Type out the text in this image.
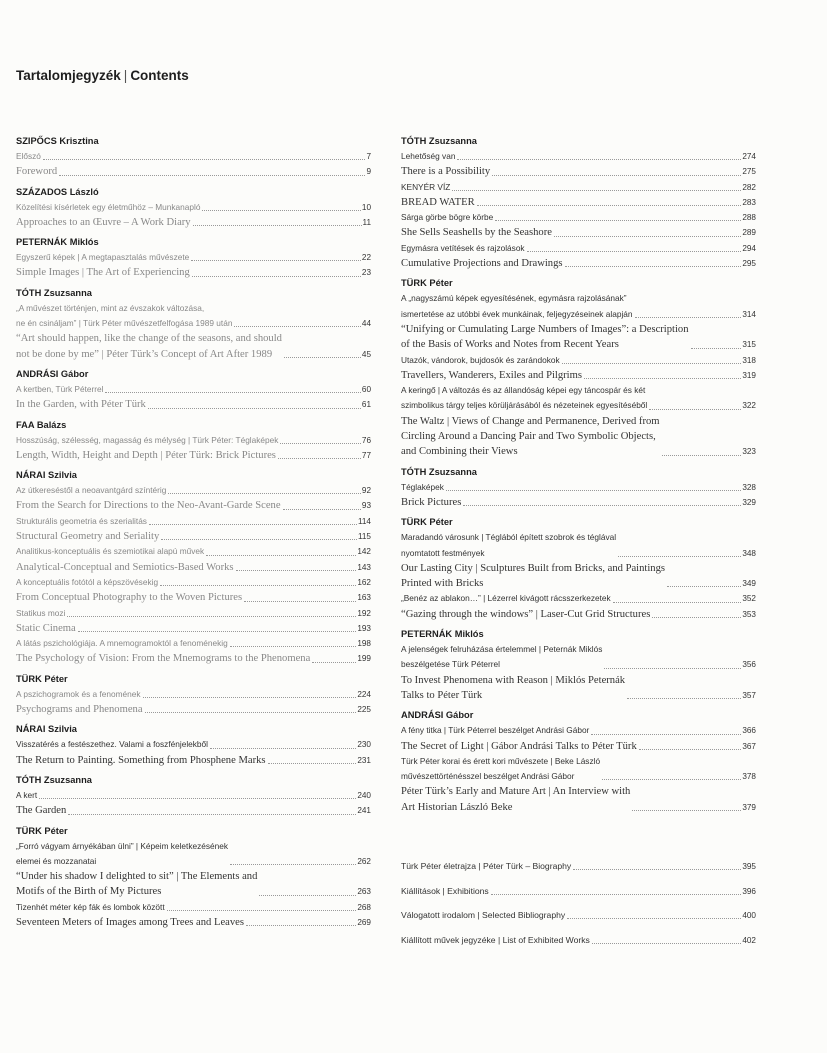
Tartalomjegyzék | Contents
SZIPŐCS Krisztina
Előszó	7
Foreword	9
SZÁZADOS László
Közelítési kísérletek egy életműhöz – Munkanapló	10
Approaches to an Œuvre – A Work Diary	11
PETERNÁK Miklós
Egyszerű képek | A megtapasztalás művészete	22
Simple Images | The Art of Experiencing	23
TÓTH Zsuzsanna
„A művészet történjen, mint az évszakok változása,
ne én csináljam” | Türk Péter művészetfelfogása 1989 után	44
“Art should happen, like the change of the seasons, and should
not be done by me” | Péter Türk’s Concept of Art After 1989	45
ANDRÁSI Gábor
A kertben, Türk Péterrel	60
In the Garden, with Péter Türk	61
FAA Balázs
Hosszúság, szélesség, magasság és mélység | Türk Péter: Téglaképek	76
Length, Width, Height and Depth | Péter Türk: Brick Pictures	77
NÁRAI Szilvia
Az útkereséstől a neoavantgárd színtérig	92
From the Search for Directions to the Neo-Avant-Garde Scene	93
Strukturális geometria és szerialitás	114
Structural Geometry and Seriality	115
Analitikus-konceptuális és szemiotikai alapú művek	142
Analytical-Conceptual and Semiotics-Based Works	143
A konceptuális fotótól a képszövésekig	162
From Conceptual Photography to the Woven Pictures	163
Statikus mozi	192
Static Cinema	193
A látás pszichológiája. A mnemogramoktól a fenoménekig	198
The Psychology of Vision: From the Mnemograms to the Phenomena	199
TÜRK Péter
A pszichogramok és a fenomének	224
Psychograms and Phenomena	225
NÁRAI Szilvia
Visszatérés a festészethez. Valami a foszfénjelekből	230
The Return to Painting. Something from Phosphene Marks	231
TÓTH Zsuzsanna
A kert	240
The Garden	241
TÜRK Péter
„Forró vágyam árnyékában ülni” | Képeim keletkezésének
elemei és mozzanatai	262
“Under his shadow I delighted to sit” | The Elements and
Motifs of the Birth of My Pictures	263
Tizenhét méter kép fák és lombok között	268
Seventeen Meters of Images among Trees and Leaves	269
TÓTH Zsuzsanna
Lehetőség van	274
There is a Possibility	275
KENYÉR VÍZ	282
BREAD WATER	283
Sárga görbe bögre körbe	288
She Sells Seashells by the Seashore	289
Egymásra vetítések és rajzolások	294
Cumulative Projections and Drawings	295
TÜRK Péter
A „nagyszámú képek egyesítésének, egymásra rajzolásának”
ismertetése az utóbbi évek munkáinak, feljegyzéseinek alapján	314
“Unifying or Cumulating Large Numbers of Images”: a Description
of the Basis of Works and Notes from Recent Years	315
Utazók, vándorok, bujdosók és zarándokok	318
Travellers, Wanderers, Exiles and Pilgrims	319
A keringő | A változás és az állandóság képei egy táncospár és két
szimbolikus tárgy teljes körüljárásából és nézeteinek egyesítéséből	322
The Waltz | Views of Change and Permanence, Derived from
Circling Around a Dancing Pair and Two Symbolic Objects,
and Combining their Views	323
TÓTH Zsuzsanna
Téglaképek	328
Brick Pictures	329
TÜRK Péter
Maradandó városunk | Téglából épített szobrok és téglával
nyomtatott festmények	348
Our Lasting City | Sculptures Built from Bricks, and Paintings
Printed with Bricks	349
„Benéz az ablakon…” | Lézerrel kivágott rácsszerkezetek	352
“Gazing through the windows” | Laser-Cut Grid Structures	353
PETERNÁK Miklós
A jelenségek felruházása értelemmel | Peternák Miklós
beszélgetése Türk Péterrel	356
To Invest Phenomena with Reason | Miklós Peternák
Talks to Péter Türk	357
ANDRÁSI Gábor
A fény titka | Türk Péterrel beszélget Andrási Gábor	366
The Secret of Light | Gábor Andrási Talks to Péter Türk	367
Türk Péter korai és érett kori művészete | Beke László
művészettörténésszel beszélget Andrási Gábor	378
Péter Türk’s Early and Mature Art | An Interview with
Art Historian László Beke	379
Türk Péter életrajza | Péter Türk – Biography	395
Kiállítások | Exhibitions	396
Válogatott irodalom | Selected Bibliography	400
Kiállított művek jegyzéke | List of Exhibited Works	402
